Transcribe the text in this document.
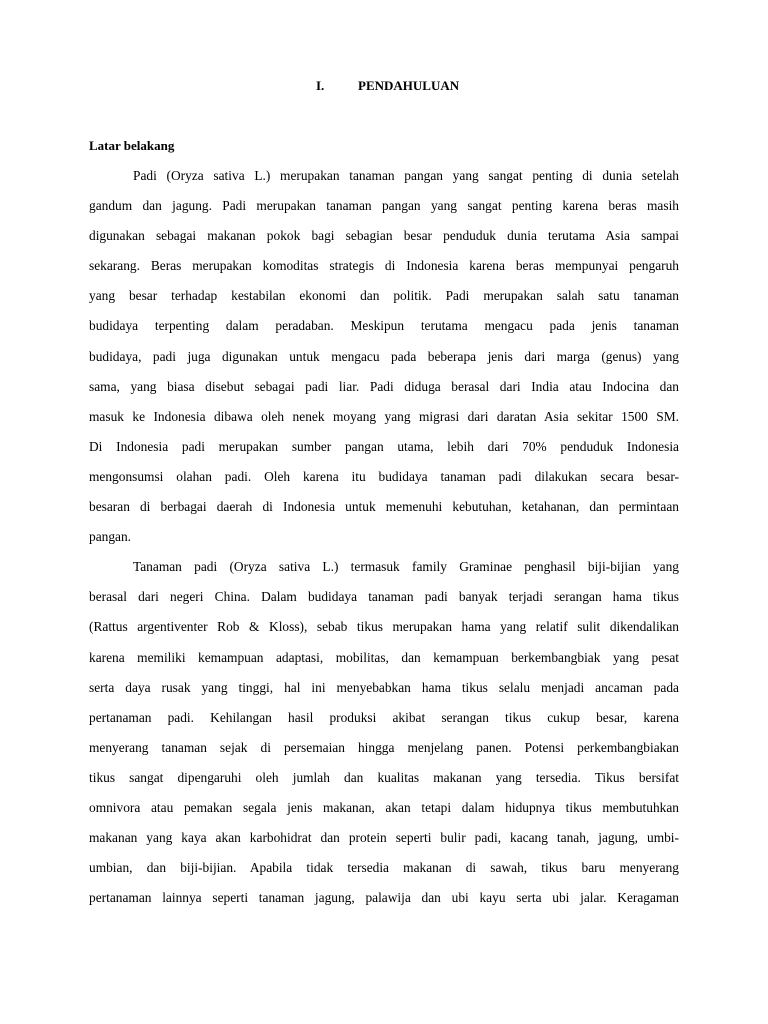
I.	PENDAHULUAN
Latar belakang
Padi (Oryza sativa L.) merupakan tanaman pangan yang sangat penting di dunia setelah
gandum dan jagung. Padi merupakan tanaman pangan yang sangat penting karena beras masih
digunakan sebagai makanan pokok bagi sebagian besar penduduk dunia terutama Asia sampai
sekarang. Beras merupakan komoditas strategis di Indonesia karena beras mempunyai pengaruh
yang besar terhadap kestabilan ekonomi dan politik. Padi merupakan salah satu tanaman
budidaya terpenting dalam peradaban. Meskipun terutama mengacu pada jenis tanaman
budidaya, padi juga digunakan untuk mengacu pada beberapa jenis dari marga (genus) yang
sama, yang biasa disebut sebagai padi liar. Padi diduga berasal dari India atau Indocina dan
masuk ke Indonesia dibawa oleh nenek moyang yang migrasi dari daratan Asia sekitar 1500 SM.
Di Indonesia padi merupakan sumber pangan utama, lebih dari 70% penduduk Indonesia
mengonsumsi olahan padi. Oleh karena itu budidaya tanaman padi dilakukan secara besar-
besaran di berbagai daerah di Indonesia untuk memenuhi kebutuhan, ketahanan, dan permintaan
pangan.
Tanaman padi (Oryza sativa L.) termasuk family Graminae penghasil biji-bijian yang
berasal dari negeri China. Dalam budidaya tanaman padi banyak terjadi serangan hama tikus
(Rattus argentiventer Rob & Kloss), sebab tikus merupakan hama yang relatif sulit dikendalikan
karena memiliki kemampuan adaptasi, mobilitas, dan kemampuan berkembangbiak yang pesat
serta daya rusak yang tinggi, hal ini menyebabkan hama tikus selalu menjadi ancaman pada
pertanaman padi. Kehilangan hasil produksi akibat serangan tikus cukup besar, karena
menyerang tanaman sejak di persemaian hingga menjelang panen. Potensi perkembangbiakan
tikus sangat dipengaruhi oleh jumlah dan kualitas makanan yang tersedia. Tikus bersifat
omnivora atau pemakan segala jenis makanan, akan tetapi dalam hidupnya tikus membutuhkan
makanan yang kaya akan karbohidrat dan protein seperti bulir padi, kacang tanah, jagung, umbi-
umbian, dan biji-bijian. Apabila tidak tersedia makanan di sawah, tikus baru menyerang
pertanaman lainnya seperti tanaman jagung, palawija dan ubi kayu serta ubi jalar. Keragaman
